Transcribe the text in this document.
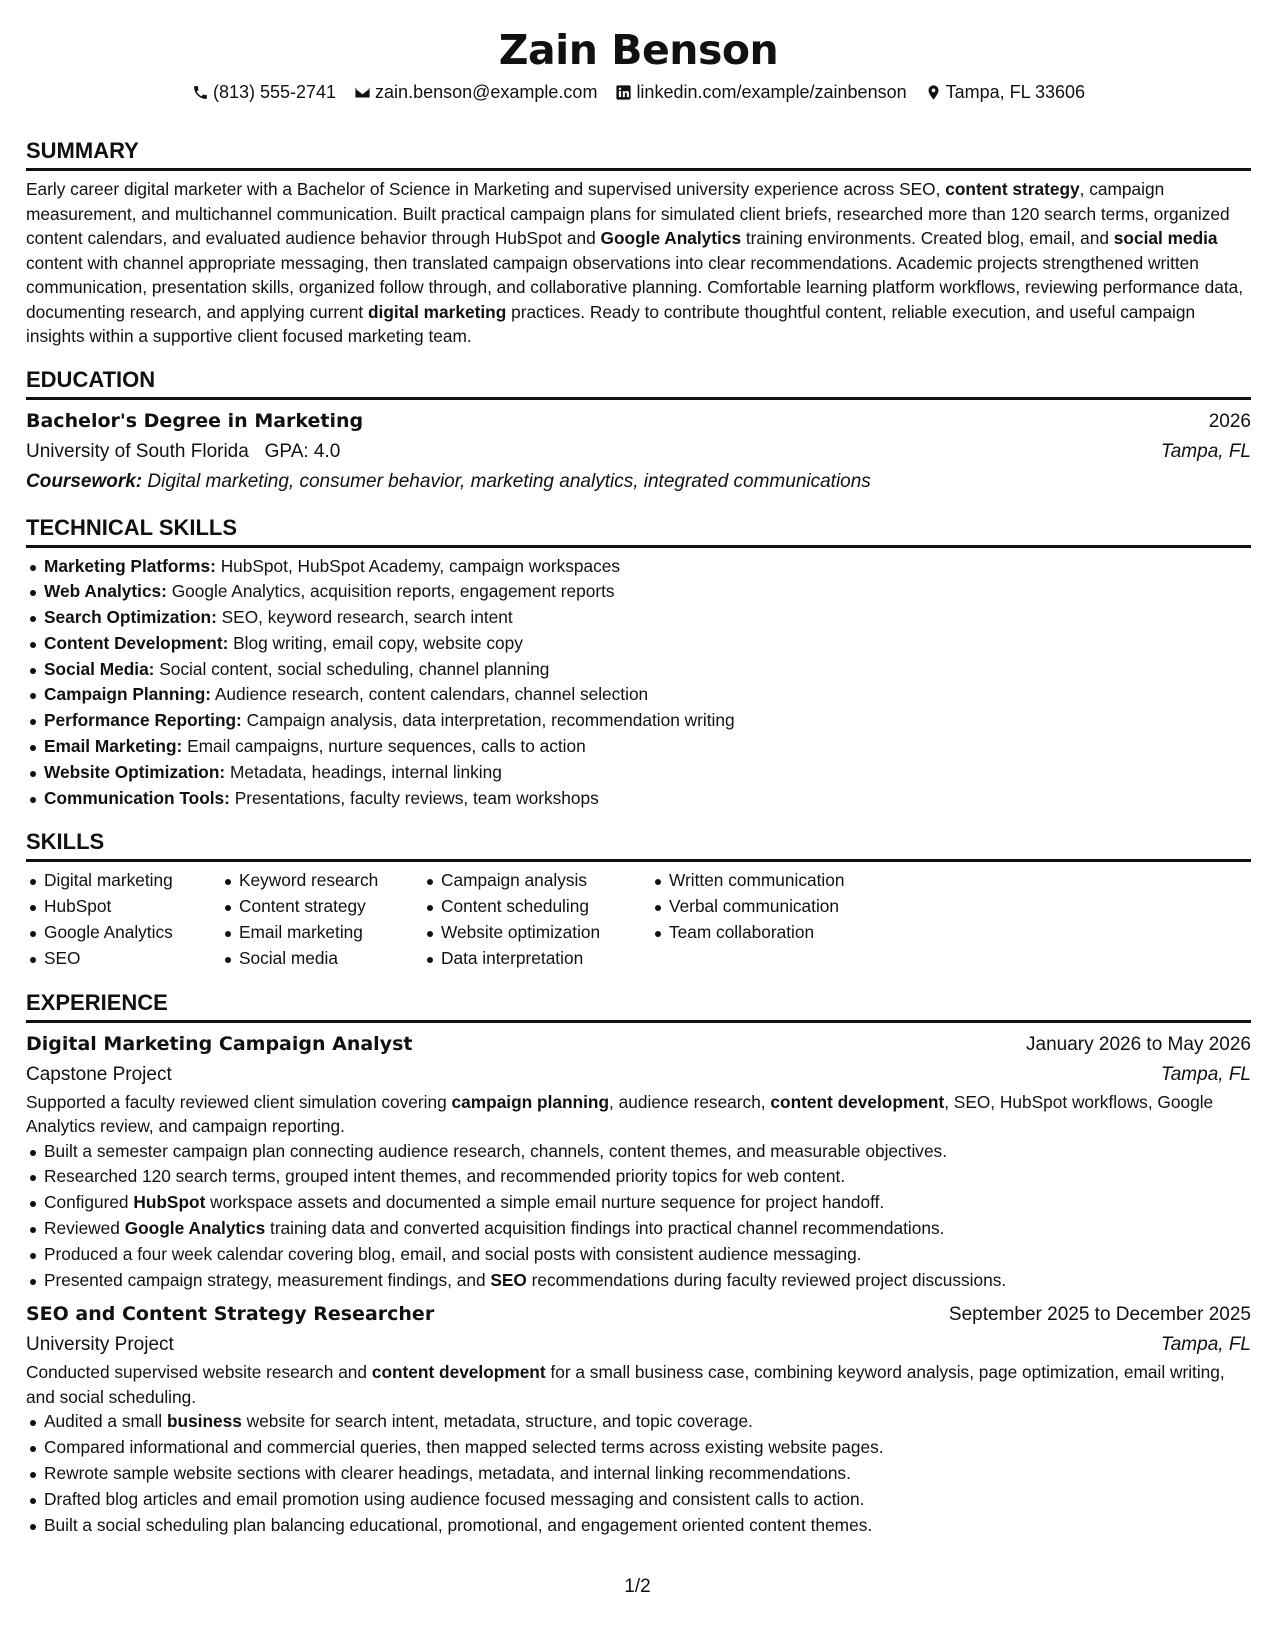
Zain Benson
(813) 555-2741 zain.benson@example.com linkedin.com/example/zainbenson Tampa, FL 33606
SUMMARY

Early career digital marketer with a Bachelor of Science in Marketing and supervised university experience across SEO, content strategy, campaign measurement, and multichannel communication. Built practical campaign plans for simulated client briefs, researched more than 120 search terms, organized content calendars, and evaluated audience behavior through HubSpot and Google Analytics training environments. Created blog, email, and social media content with channel appropriate messaging, then translated campaign observations into clear recommendations. Academic projects strengthened written communication, presentation skills, organized follow through, and collaborative planning. Comfortable learning platform workflows, reviewing performance data, documenting research, and applying current digital marketing practices. Ready to contribute thoughtful content, reliable execution, and useful campaign insights within a supportive client focused marketing team.

EDUCATION
Bachelor's Degree in Marketing	2026
University of South Florida   GPA: 4.0	Tampa, FL
Coursework: Digital marketing, consumer behavior, marketing analytics, integrated communications
TECHNICAL SKILLS
Marketing Platforms: HubSpot, HubSpot Academy, campaign workspaces
Web Analytics: Google Analytics, acquisition reports, engagement reports
Search Optimization: SEO, keyword research, search intent
Content Development: Blog writing, email copy, website copy
Social Media: Social content, social scheduling, channel planning
Campaign Planning: Audience research, content calendars, channel selection
Performance Reporting: Campaign analysis, data interpretation, recommendation writing
Email Marketing: Email campaigns, nurture sequences, calls to action
Website Optimization: Metadata, headings, internal linking
Communication Tools: Presentations, faculty reviews, team workshops
SKILLS
Digital marketing
HubSpot
Google Analytics
SEO
Keyword research
Content strategy
Email marketing
Social media
Campaign analysis
Content scheduling
Website optimization
Data interpretation
Written communication
Verbal communication
Team collaboration
EXPERIENCE
Digital Marketing Campaign Analyst	January 2026 to May 2026
Capstone Project	Tampa, FL

Supported a faculty reviewed client simulation covering campaign planning, audience research, content development, SEO, HubSpot workflows, Google Analytics review, and campaign reporting.

Built a semester campaign plan connecting audience research, channels, content themes, and measurable objectives.
Researched 120 search terms, grouped intent themes, and recommended priority topics for web content.
Configured HubSpot workspace assets and documented a simple email nurture sequence for project handoff.
Reviewed Google Analytics training data and converted acquisition findings into practical channel recommendations.
Produced a four week calendar covering blog, email, and social posts with consistent audience messaging.
Presented campaign strategy, measurement findings, and SEO recommendations during faculty reviewed project discussions.
SEO and Content Strategy Researcher	September 2025 to December 2025
University Project	Tampa, FL

Conducted supervised website research and content development for a small business case, combining keyword analysis, page optimization, email writing, and social scheduling.

Audited a small business website for search intent, metadata, structure, and topic coverage.
Compared informational and commercial queries, then mapped selected terms across existing website pages.
Rewrote sample website sections with clearer headings, metadata, and internal linking recommendations.
Drafted blog articles and email promotion using audience focused messaging and consistent calls to action.
Built a social scheduling plan balancing educational, promotional, and engagement oriented content themes.
1/2
